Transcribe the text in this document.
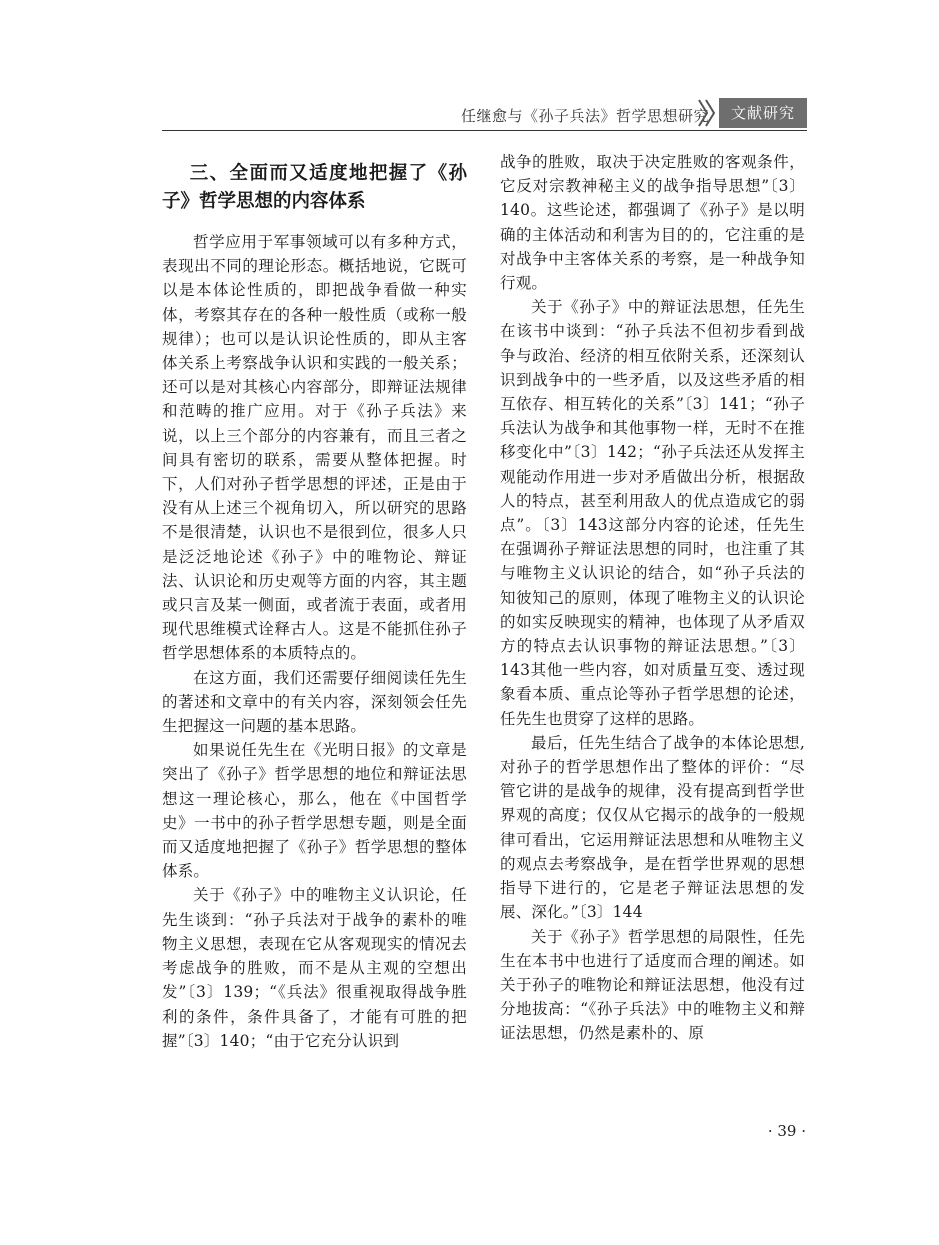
任继愈与《孙子兵法》哲学思想研究	文献研究
三、全面而又适度地把握了《孙子》哲学思想的内容体系

哲学应用于军事领域可以有多种方式，表现出不同的理论形态。概括地说，它既可以是本体论性质的，即把战争看做一种实体，考察其存在的各种一般性质（或称一般规律）；也可以是认识论性质的，即从主客体关系上考察战争认识和实践的一般关系；还可以是对其核心内容部分，即辩证法规律和范畴的推广应用。对于《孙子兵法》来说，以上三个部分的内容兼有，而且三者之间具有密切的联系，需要从整体把握。时下，人们对孙子哲学思想的评述，正是由于没有从上述三个视角切入，所以研究的思路不是很清楚，认识也不是很到位，很多人只是泛泛地论述《孙子》中的唯物论、辩证法、认识论和历史观等方面的内容，其主题或只言及某一侧面，或者流于表面，或者用现代思维模式诠释古人。这是不能抓住孙子哲学思想体系的本质特点的。

在这方面，我们还需要仔细阅读任先生的著述和文章中的有关内容，深刻领会任先生把握这一问题的基本思路。

如果说任先生在《光明日报》的文章是突出了《孙子》哲学思想的地位和辩证法思想这一理论核心，那么，他在《中国哲学史》一书中的孙子哲学思想专题，则是全面而又适度地把握了《孙子》哲学思想的整体体系。

关于《孙子》中的唯物主义认识论，任先生谈到：“孙子兵法对于战争的素朴的唯物主义思想，表现在它从客观现实的情况去考虑战争的胜败，而不是从主观的空想出发”〔3〕139；“《兵法》很重视取得战争胜利的条件，条件具备了，才能有可胜的把握”〔3〕140；“由于它充分认识到

战争的胜败，取决于决定胜败的客观条件，它反对宗教神秘主义的战争指导思想”〔3〕140。这些论述，都强调了《孙子》是以明确的主体活动和利害为目的的，它注重的是对战争中主客体关系的考察，是一种战争知行观。

关于《孙子》中的辩证法思想，任先生在该书中谈到：“孙子兵法不但初步看到战争与政治、经济的相互依附关系，还深刻认识到战争中的一些矛盾，以及这些矛盾的相互依存、相互转化的关系”〔3〕141；“孙子兵法认为战争和其他事物一样，无时不在推移变化中”〔3〕142；“孙子兵法还从发挥主观能动作用进一步对矛盾做出分析，根据敌人的特点，甚至利用敌人的优点造成它的弱点”。〔3〕143这部分内容的论述，任先生在强调孙子辩证法思想的同时，也注重了其与唯物主义认识论的结合，如“孙子兵法的知彼知己的原则，体现了唯物主义的认识论的如实反映现实的精神，也体现了从矛盾双方的特点去认识事物的辩证法思想。”〔3〕143其他一些内容，如对质量互变、透过现象看本质、重点论等孙子哲学思想的论述，任先生也贯穿了这样的思路。

最后，任先生结合了战争的本体论思想,对孙子的哲学思想作出了整体的评价：“尽管它讲的是战争的规律，没有提高到哲学世界观的高度；仅仅从它揭示的战争的一般规律可看出，它运用辩证法思想和从唯物主义的观点去考察战争，是在哲学世界观的思想指导下进行的，它是老子辩证法思想的发展、深化。”〔3〕144

关于《孙子》哲学思想的局限性，任先生在本书中也进行了适度而合理的阐述。如关于孙子的唯物论和辩证法思想，他没有过分地拔高：“《孙子兵法》中的唯物主义和辩证法思想，仍然是素朴的、原

· 39 ·
